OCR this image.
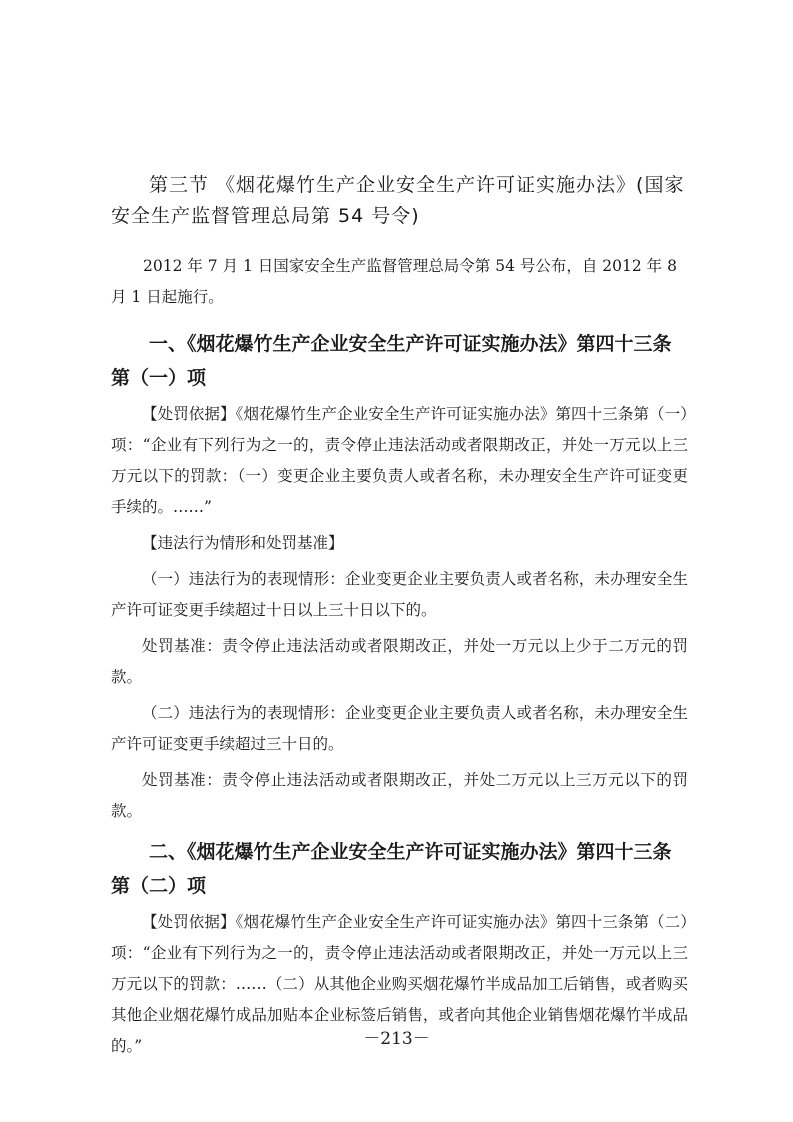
第三节 《烟花爆竹生产企业安全生产许可证实施办法》(国家安全生产监督管理总局第 54 号令)

2012 年 7 月 1 日国家安全生产监督管理总局令第 54 号公布，自 2012 年 8 月 1 日起施行。

一、《烟花爆竹生产企业安全生产许可证实施办法》第四十三条第（一）项

【处罚依据】《烟花爆竹生产企业安全生产许可证实施办法》第四十三条第（一）项：“企业有下列行为之一的，责令停止违法活动或者限期改正，并处一万元以上三万元以下的罚款：（一）变更企业主要负责人或者名称，未办理安全生产许可证变更手续的。……”

【违法行为情形和处罚基准】

（一）违法行为的表现情形：企业变更企业主要负责人或者名称，未办理安全生产许可证变更手续超过十日以上三十日以下的。

处罚基准：责令停止违法活动或者限期改正，并处一万元以上少于二万元的罚款。

（二）违法行为的表现情形：企业变更企业主要负责人或者名称，未办理安全生产许可证变更手续超过三十日的。

处罚基准：责令停止违法活动或者限期改正，并处二万元以上三万元以下的罚款。

二、《烟花爆竹生产企业安全生产许可证实施办法》第四十三条第（二）项

【处罚依据】《烟花爆竹生产企业安全生产许可证实施办法》第四十三条第（二）项：“企业有下列行为之一的，责令停止违法活动或者限期改正，并处一万元以上三万元以下的罚款：……（二）从其他企业购买烟花爆竹半成品加工后销售，或者购买其他企业烟花爆竹成品加贴本企业标签后销售，或者向其他企业销售烟花爆竹半成品的。”	－213－
